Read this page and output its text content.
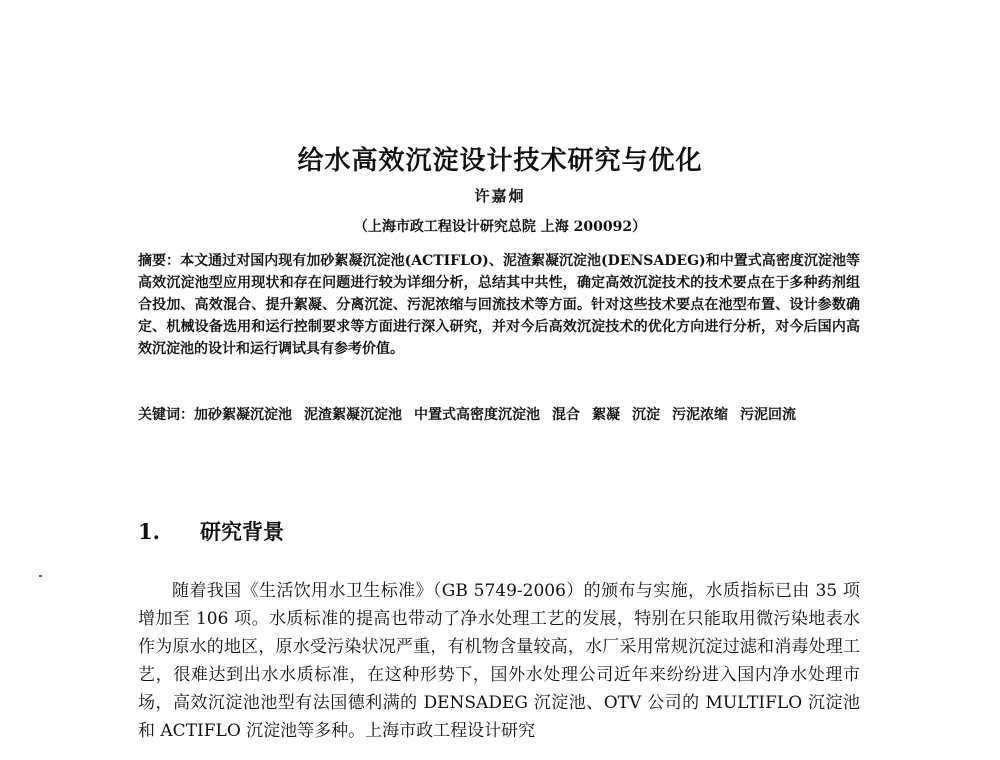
给水高效沉淀设计技术研究与优化
许嘉炯
（上海市政工程设计研究总院 上海 200092）
摘要：本文通过对国内现有加砂絮凝沉淀池(ACTIFLO)、泥渣絮凝沉淀池(DENSADEG)和中置式高密度沉淀池等高效沉淀池型应用现状和存在问题进行较为详细分析，总结其中共性，确定高效沉淀技术的技术要点在于多种药剂组合投加、高效混合、提升絮凝、分离沉淀、污泥浓缩与回流技术等方面。针对这些技术要点在池型布置、设计参数确定、机械设备选用和运行控制要求等方面进行深入研究，并对今后高效沉淀技术的优化方向进行分析，对今后国内高效沉淀池的设计和运行调试具有参考价值。
关键词：加砂絮凝沉淀池 泥渣絮凝沉淀池 中置式高密度沉淀池 混合 絮凝 沉淀 污泥浓缩 污泥回流
1. 研究背景
随着我国《生活饮用水卫生标准》（GB 5749-2006）的颁布与实施，水质指标已由 35 项增加至 106 项。水质标准的提高也带动了净水处理工艺的发展，特别在只能取用微污染地表水作为原水的地区，原水受污染状况严重，有机物含量较高，水厂采用常规沉淀过滤和消毒处理工艺，很难达到出水水质标准，在这种形势下，国外水处理公司近年来纷纷进入国内净水处理市场，高效沉淀池池型有法国德利满的 DENSADEG 沉淀池、OTV 公司的 MULTIFLO 沉淀池和 ACTIFLO 沉淀池等多种。上海市政工程设计研究
